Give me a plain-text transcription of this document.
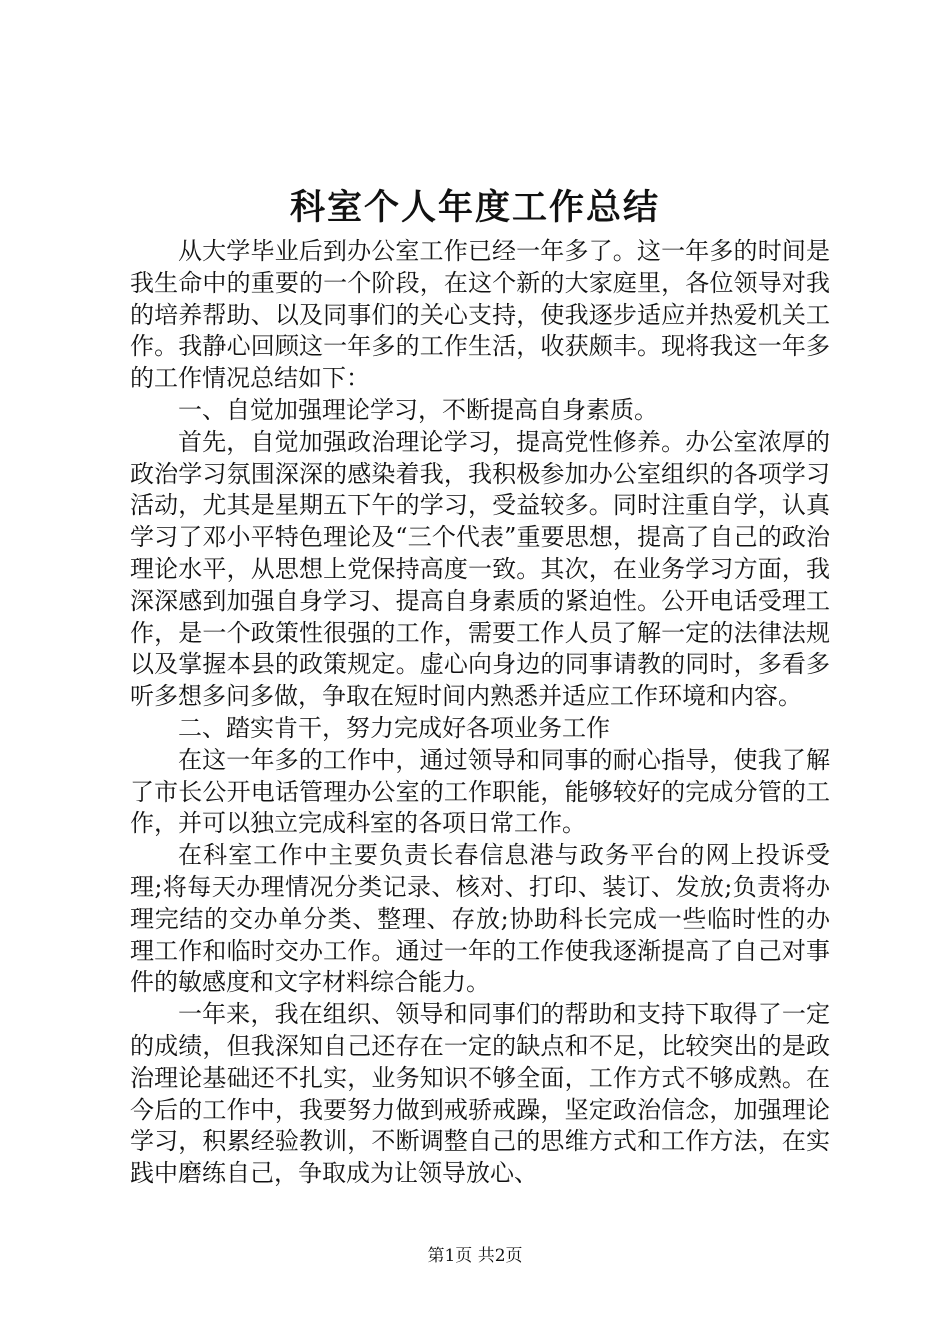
科室个人年度工作总结

从大学毕业后到办公室工作已经一年多了。这一年多的时间是我生命中的重要的一个阶段，在这个新的大家庭里，各位领导对我的培养帮助、以及同事们的关心支持，使我逐步适应并热爱机关工作。我静心回顾这一年多的工作生活，收获颇丰。现将我这一年多的工作情况总结如下：

一、自觉加强理论学习，不断提高自身素质。

首先，自觉加强政治理论学习，提高党性修养。办公室浓厚的政治学习氛围深深的感染着我，我积极参加办公室组织的各项学习活动，尤其是星期五下午的学习，受益较多。同时注重自学，认真学习了邓小平特色理论及“三个代表”重要思想，提高了自己的政治理论水平，从思想上党保持高度一致。其次，在业务学习方面，我深深感到加强自身学习、提高自身素质的紧迫性。公开电话受理工作，是一个政策性很强的工作，需要工作人员了解一定的法律法规以及掌握本县的政策规定。虚心向身边的同事请教的同时，多看多听多想多问多做，争取在短时间内熟悉并适应工作环境和内容。

二、踏实肯干，努力完成好各项业务工作

在这一年多的工作中，通过领导和同事的耐心指导，使我了解了市长公开电话管理办公室的工作职能，能够较好的完成分管的工作，并可以独立完成科室的各项日常工作。

在科室工作中主要负责长春信息港与政务平台的网上投诉受理;将每天办理情况分类记录、核对、打印、装订、发放;负责将办理完结的交办单分类、整理、存放;协助科长完成一些临时性的办理工作和临时交办工作。通过一年的工作使我逐渐提高了自己对事件的敏感度和文字材料综合能力。

一年来，我在组织、领导和同事们的帮助和支持下取得了一定的成绩，但我深知自己还存在一定的缺点和不足，比较突出的是政治理论基础还不扎实，业务知识不够全面，工作方式不够成熟。在今后的工作中，我要努力做到戒骄戒躁，坚定政治信念，加强理论学习，积累经验教训，不断调整自己的思维方式和工作方法，在实践中磨练自己，争取成为让领导放心、

第1页 共2页
